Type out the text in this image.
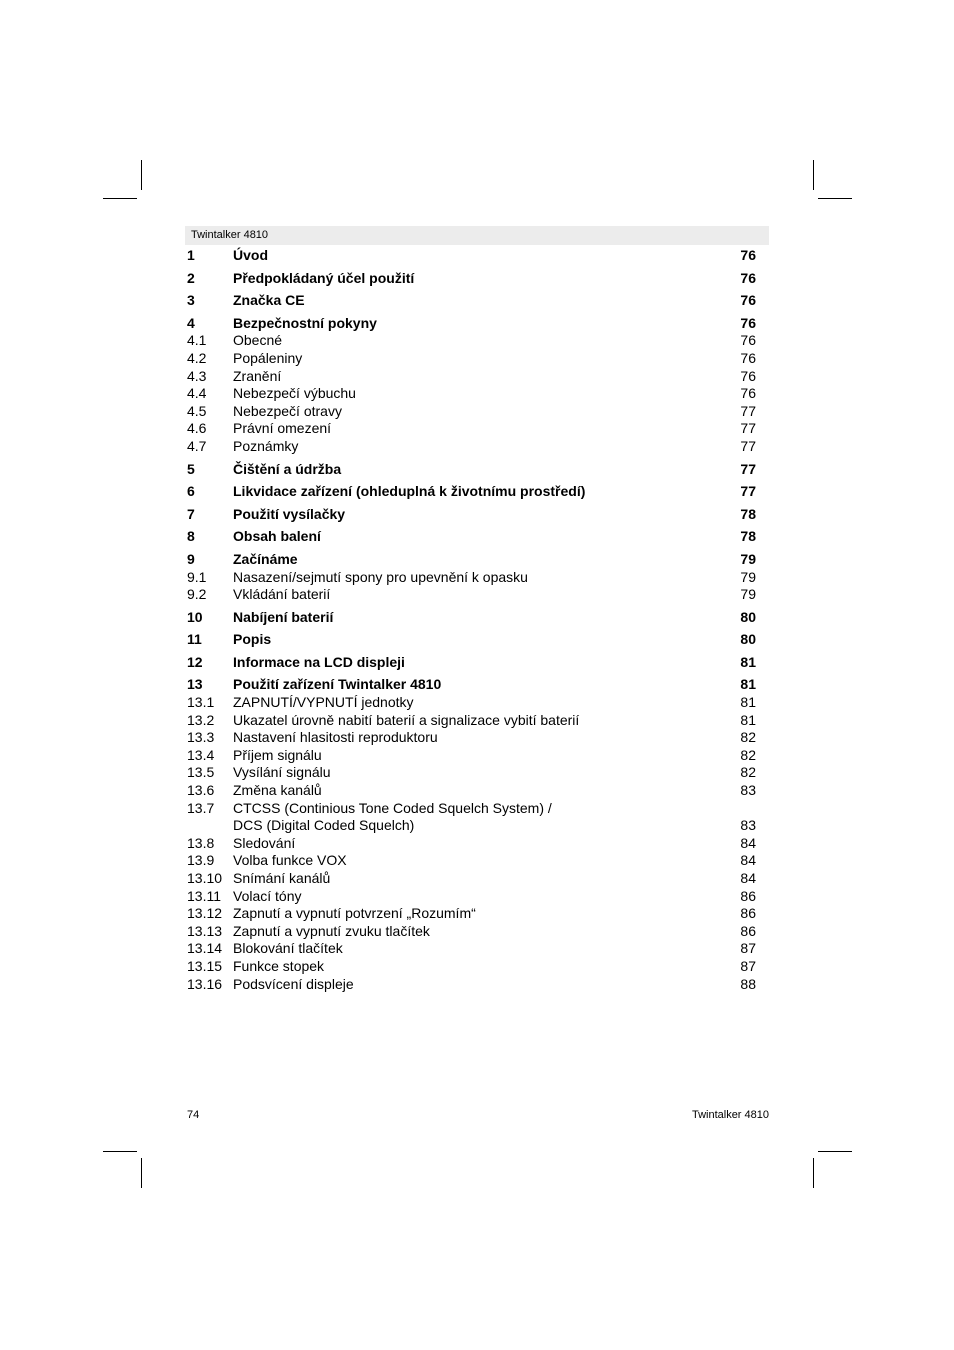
Twintalker 4810
1	Úvod	76
2	Předpokládaný účel použití	76
3	Značka CE	76
4	Bezpečnostní pokyny	76
4.1 Obecné	76
4.2 Popáleniny	76
4.3 Zranění	76
4.4 Nebezpečí výbuchu	76
4.5 Nebezpečí otravy	77
4.6 Právní omezení	77
4.7 Poznámky	77
5	Čištění a údržba	77
6	Likvidace zařízení (ohleduplná k životnímu prostředí)	77
7	Použití vysílačky	78
8	Obsah balení	78
9	Začínáme	79
9.1 Nasazení/sejmutí spony pro upevnění k opasku	79
9.2 Vkládání baterií	79
10 Nabíjení baterií	80
11 Popis	80
12 Informace na LCD displeji	81
13 Použití zařízení Twintalker 4810	81
13.1 ZAPNUTÍ/VYPNUTÍ jednotky	81
13.2 Ukazatel úrovně nabití baterií a signalizace vybití baterií	81
13.3 Nastavení hlasitosti reproduktoru	82
13.4 Příjem signálu	82
13.5 Vysílání signálu	82
13.6 Změna kanálů	83
13.7 CTCSS (Continious Tone Coded Squelch System) /
DCS (Digital Coded Squelch)	83
13.8 Sledování	84
13.9 Volba funkce VOX	84
13.10 Snímání kanálů	84
13.11 Volací tóny	86
13.12 Zapnutí a vypnutí potvrzení „Rozumím“	86
13.13 Zapnutí a vypnutí zvuku tlačítek	86
13.14 Blokování tlačítek	87
13.15 Funkce stopek	87
13.16 Podsvícení displeje	88
74	Twintalker 4810
